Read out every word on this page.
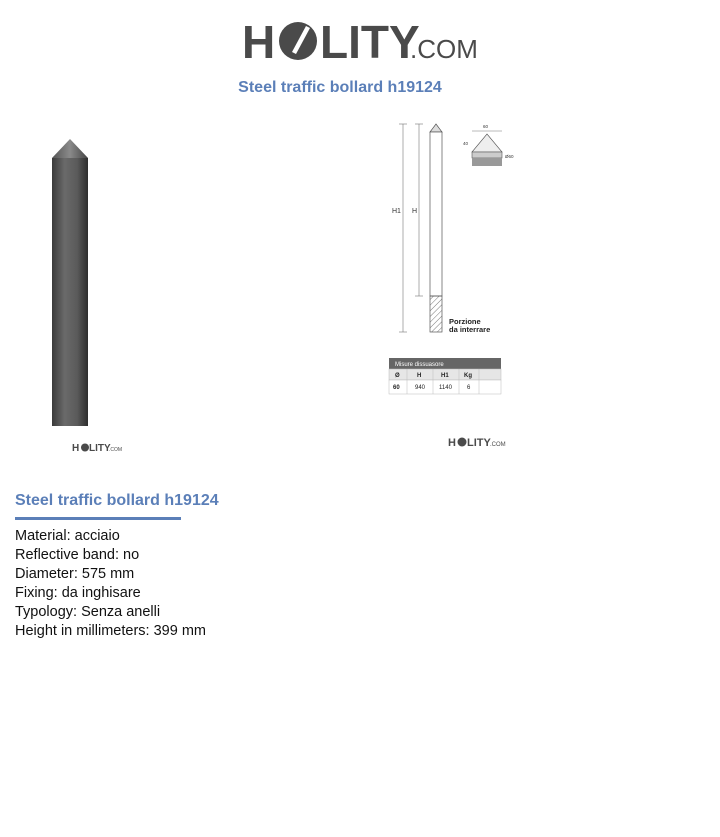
H LITY
.COM
Steel traffic bollard h19124
H LITY
.COM
H1 H
Porzione
da interrare
60
40
Ø60
Misure dissuasore
Ø	H	H1	Kg
60	940 1140	6
H LITY .COM
Steel traffic bollard h19124
Material: acciaio
Reflective band: no
Diameter: 575 mm
Fixing: da inghisare
Typology: Senza anelli
Height in millimeters: 399 mm
